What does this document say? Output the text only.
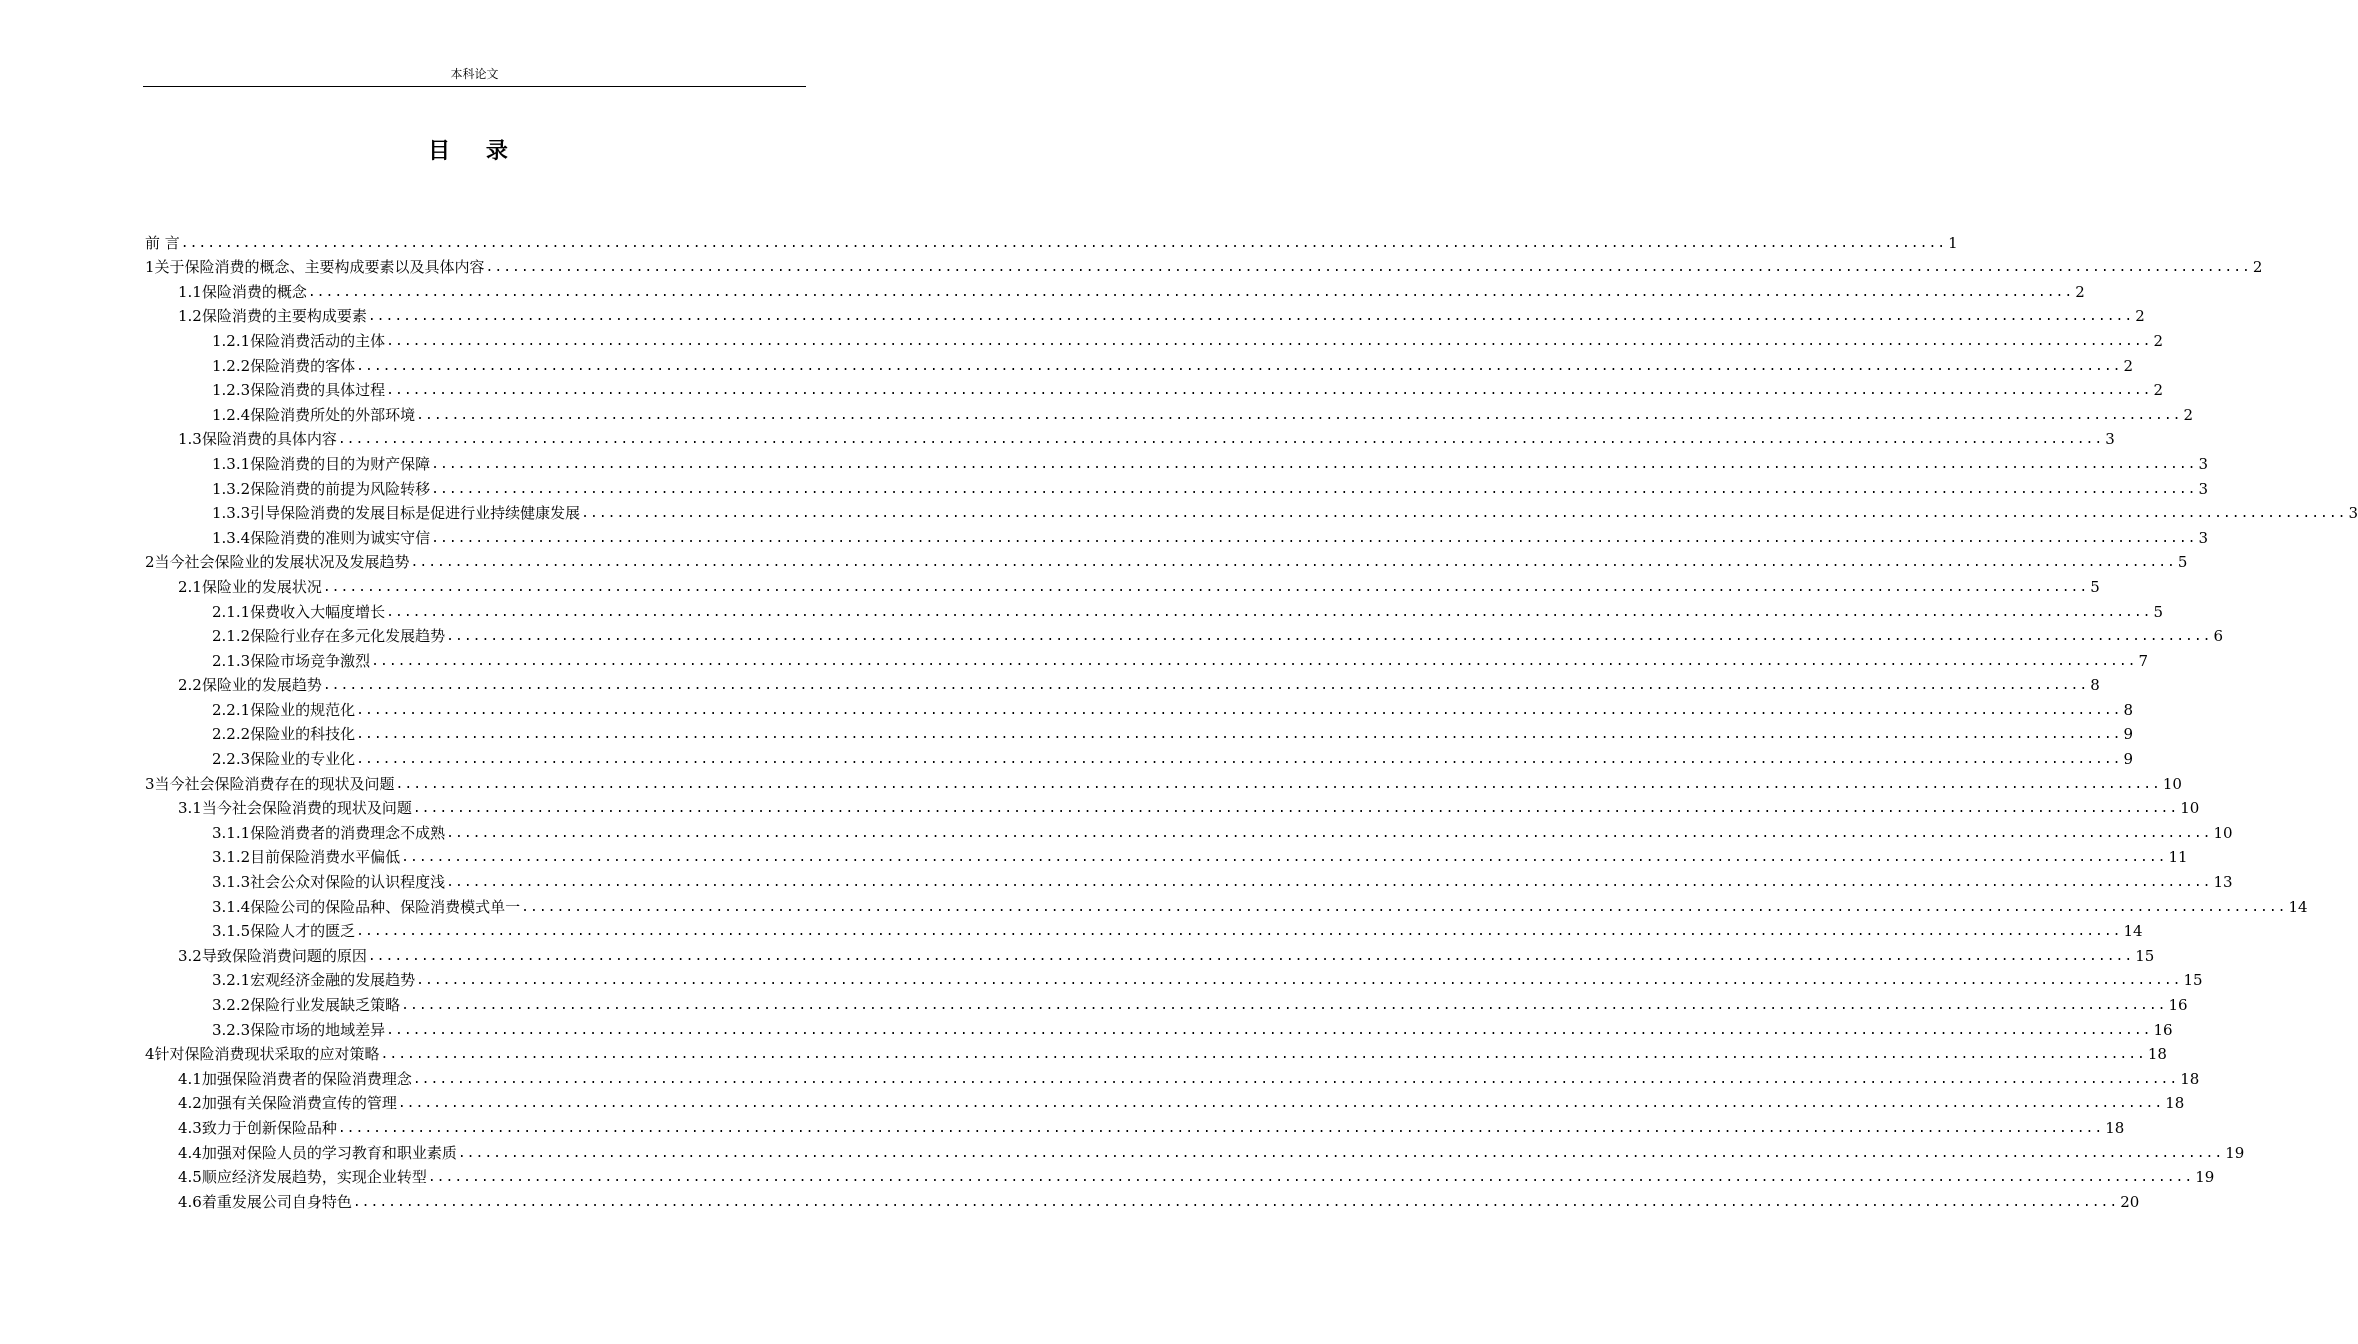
本科论文
目 录
前 言 ........................................................................................................................................................................................................ 1
1关于保险消费的概念、主要构成要素以及具体内容 ........................................................................................................................................................................................................ 2
1.1保险消费的概念 ........................................................................................................................................................................................................ 2
1.2保险消费的主要构成要素 ........................................................................................................................................................................................................ 2
1.2.1保险消费活动的主体 ........................................................................................................................................................................................................ 2
1.2.2保险消费的客体 ........................................................................................................................................................................................................ 2
1.2.3保险消费的具体过程 ........................................................................................................................................................................................................ 2
1.2.4保险消费所处的外部环境 ........................................................................................................................................................................................................ 2
1.3保险消费的具体内容 ........................................................................................................................................................................................................ 3
1.3.1保险消费的目的为财产保障 ........................................................................................................................................................................................................ 3
1.3.2保险消费的前提为风险转移 ........................................................................................................................................................................................................ 3
1.3.3引导保险消费的发展目标是促进行业持续健康发展 ........................................................................................................................................................................................................ 3
1.3.4保险消费的准则为诚实守信 ........................................................................................................................................................................................................ 3
2当今社会保险业的发展状况及发展趋势 ........................................................................................................................................................................................................ 5
2.1保险业的发展状况 ........................................................................................................................................................................................................ 5
2.1.1保费收入大幅度增长 ........................................................................................................................................................................................................ 5
2.1.2保险行业存在多元化发展趋势 ........................................................................................................................................................................................................ 6
2.1.3保险市场竞争激烈 ........................................................................................................................................................................................................ 7
2.2保险业的发展趋势 ........................................................................................................................................................................................................ 8
2.2.1保险业的规范化 ........................................................................................................................................................................................................ 8
2.2.2保险业的科技化 ........................................................................................................................................................................................................ 9
2.2.3保险业的专业化 ........................................................................................................................................................................................................ 9
3当今社会保险消费存在的现状及问题 ........................................................................................................................................................................................................ 10
3.1当今社会保险消费的现状及问题 ........................................................................................................................................................................................................ 10
3.1.1保险消费者的消费理念不成熟 ........................................................................................................................................................................................................ 10
3.1.2目前保险消费水平偏低 ........................................................................................................................................................................................................ 11
3.1.3社会公众对保险的认识程度浅 ........................................................................................................................................................................................................ 13
3.1.4保险公司的保险品种、保险消费模式单一 ........................................................................................................................................................................................................ 14
3.1.5保险人才的匮乏 ........................................................................................................................................................................................................ 14
3.2导致保险消费问题的原因 ........................................................................................................................................................................................................ 15
3.2.1宏观经济金融的发展趋势 ........................................................................................................................................................................................................ 15
3.2.2保险行业发展缺乏策略 ........................................................................................................................................................................................................ 16
3.2.3保险市场的地域差异 ........................................................................................................................................................................................................ 16
4针对保险消费现状采取的应对策略 ........................................................................................................................................................................................................ 18
4.1加强保险消费者的保险消费理念 ........................................................................................................................................................................................................ 18
4.2加强有关保险消费宣传的管理 ........................................................................................................................................................................................................ 18
4.3致力于创新保险品种 ........................................................................................................................................................................................................ 18
4.4加强对保险人员的学习教育和职业素质 ........................................................................................................................................................................................................ 19
4.5顺应经济发展趋势，实现企业转型 ........................................................................................................................................................................................................ 19
4.6着重发展公司自身特色 ........................................................................................................................................................................................................ 20
